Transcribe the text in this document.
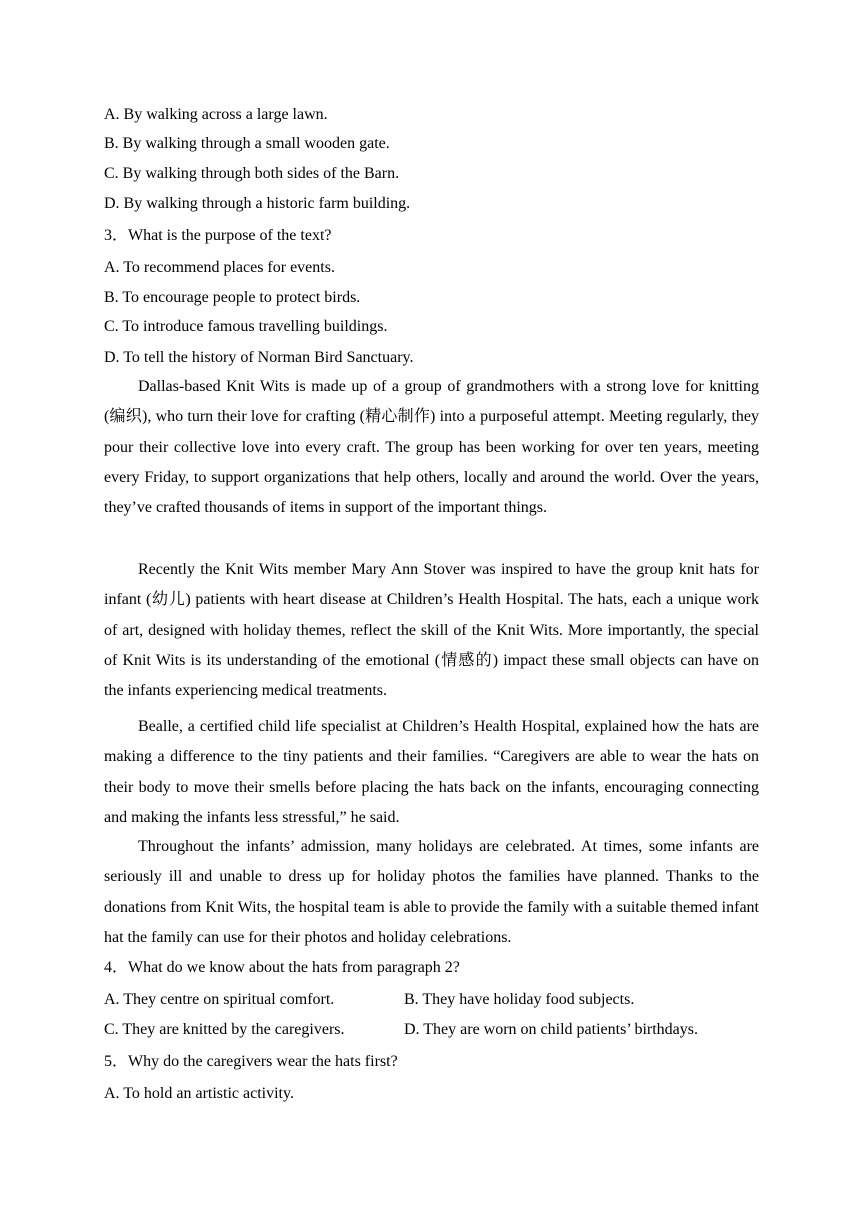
A. By walking across a large lawn.
B. By walking through a small wooden gate.
C. By walking through both sides of the Barn.
D. By walking through a historic farm building.
3．What is the purpose of the text?
A. To recommend places for events.
B. To encourage people to protect birds.
C. To introduce famous travelling buildings.
D. To tell the history of Norman Bird Sanctuary.
Dallas-based Knit Wits is made up of a group of grandmothers with a strong love for knitting (编织), who turn their love for crafting (精心制作) into a purposeful attempt. Meeting regularly, they pour their collective love into every craft. The group has been working for over ten years, meeting every Friday, to support organizations that help others, locally and around the world. Over the years, they’ve crafted thousands of items in support of the important things.
Recently the Knit Wits member Mary Ann Stover was inspired to have the group knit hats for infant (幼儿) patients with heart disease at Children’s Health Hospital. The hats, each a unique work of art, designed with holiday themes, reflect the skill of the Knit Wits. More importantly, the special of Knit Wits is its understanding of the emotional (情感的) impact these small objects can have on the infants experiencing medical treatments.
Bealle, a certified child life specialist at Children’s Health Hospital, explained how the hats are making a difference to the tiny patients and their families. “Caregivers are able to wear the hats on their body to move their smells before placing the hats back on the infants, encouraging connecting and making the infants less stressful,” he said.
Throughout the infants’ admission, many holidays are celebrated. At times, some infants are seriously ill and unable to dress up for holiday photos the families have planned. Thanks to the donations from Knit Wits, the hospital team is able to provide the family with a suitable themed infant hat the family can use for their photos and holiday celebrations.
4．What do we know about the hats from paragraph 2?
A. They centre on spiritual comfort.	B. They have holiday food subjects.
C. They are knitted by the caregivers.	D. They are worn on child patients’ birthdays.
5．Why do the caregivers wear the hats first?
A. To hold an artistic activity.
